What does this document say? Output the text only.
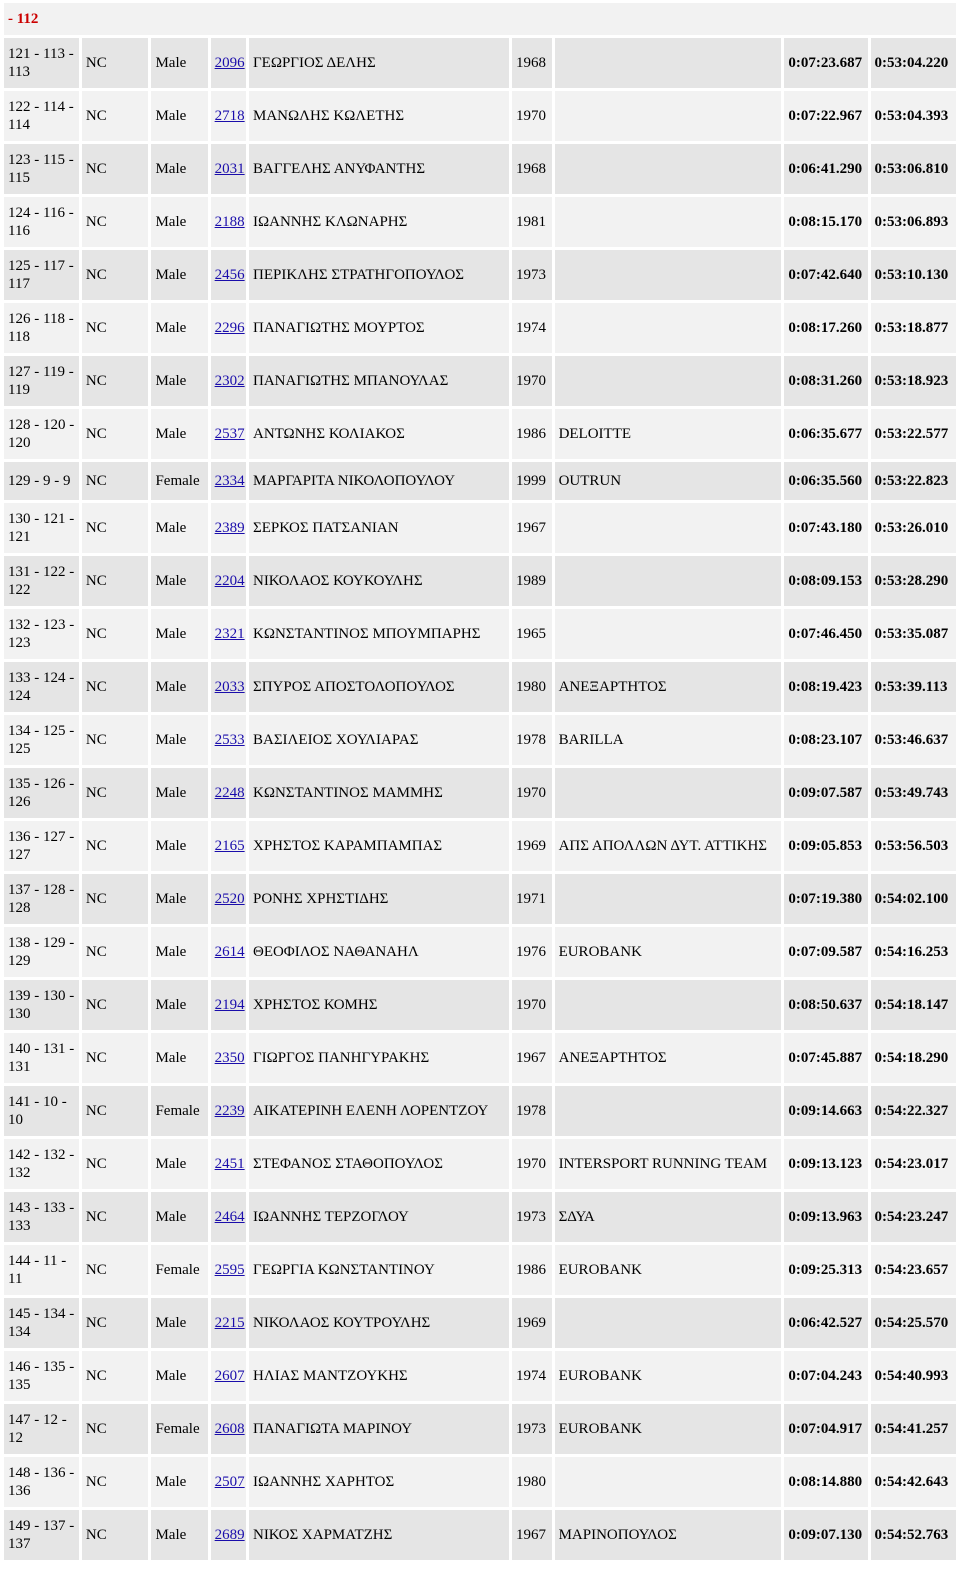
- 112								
121 - 113 - 113	NC	Male	2096	ΓΕΩΡΓΙΟΣ ΔΕΛΗΣ	1968		0:07:23.687	0:53:04.220
122 - 114 - 114	NC	Male	2718	ΜΑΝΩΛΗΣ ΚΩΛΕΤΗΣ	1970		0:07:22.967	0:53:04.393
123 - 115 - 115	NC	Male	2031	ΒΑΓΓΕΛΗΣ ΑΝΥΦΑΝΤΗΣ	1968		0:06:41.290	0:53:06.810
124 - 116 - 116	NC	Male	2188	ΙΩΑΝΝΗΣ ΚΛΩΝΑΡΗΣ	1981		0:08:15.170	0:53:06.893
125 - 117 - 117	NC	Male	2456	ΠΕΡΙΚΛΗΣ ΣΤΡΑΤΗΓΟΠΟΥΛΟΣ	1973		0:07:42.640	0:53:10.130
126 - 118 - 118	NC	Male	2296	ΠΑΝΑΓΙΩΤΗΣ ΜΟΥΡΤΟΣ	1974		0:08:17.260	0:53:18.877
127 - 119 - 119	NC	Male	2302	ΠΑΝΑΓΙΩΤΗΣ ΜΠΑΝΟΥΛΑΣ	1970		0:08:31.260	0:53:18.923
128 - 120 - 120	NC	Male	2537	ΑΝΤΩΝΗΣ ΚΟΛΙΑΚΟΣ	1986	DELOITTE	0:06:35.677	0:53:22.577
129 - 9 - 9	NC	Female	2334	ΜΑΡΓΑΡΙΤΑ ΝΙΚΟΛΟΠΟΥΛΟΥ	1999	OUTRUN	0:06:35.560	0:53:22.823
130 - 121 - 121	NC	Male	2389	ΣΕΡΚΟΣ ΠΑΤΣΑΝΙΑΝ	1967		0:07:43.180	0:53:26.010
131 - 122 - 122	NC	Male	2204	ΝΙΚΟΛΑΟΣ ΚΟΥΚΟΥΛΗΣ	1989		0:08:09.153	0:53:28.290
132 - 123 - 123	NC	Male	2321	ΚΩΝΣΤΑΝΤΙΝΟΣ ΜΠΟΥΜΠΑΡΗΣ	1965		0:07:46.450	0:53:35.087
133 - 124 - 124	NC	Male	2033	ΣΠΥΡΟΣ ΑΠΟΣΤΟΛΟΠΟΥΛΟΣ	1980	ΑΝΕΞΑΡΤΗΤΟΣ	0:08:19.423	0:53:39.113
134 - 125 - 125	NC	Male	2533	ΒΑΣΙΛΕΙΟΣ ΧΟΥΛΙΑΡΑΣ	1978	BARILLA	0:08:23.107	0:53:46.637
135 - 126 - 126	NC	Male	2248	ΚΩΝΣΤΑΝΤΙΝΟΣ ΜΑΜΜΗΣ	1970		0:09:07.587	0:53:49.743
136 - 127 - 127	NC	Male	2165	ΧΡΗΣΤΟΣ ΚΑΡΑΜΠΑΜΠΑΣ	1969	ΑΠΣ ΑΠΟΛΛΩΝ ΔΥΤ. ΑΤΤΙΚΗΣ	0:09:05.853	0:53:56.503
137 - 128 - 128	NC	Male	2520	ΡΟΝΗΣ ΧΡΗΣΤΙΔΗΣ	1971		0:07:19.380	0:54:02.100
138 - 129 - 129	NC	Male	2614	ΘΕΟΦΙΛΟΣ ΝΑΘΑΝΑΗΛ	1976	EUROBANK	0:07:09.587	0:54:16.253
139 - 130 - 130	NC	Male	2194	ΧΡΗΣΤΟΣ ΚΟΜΗΣ	1970		0:08:50.637	0:54:18.147
140 - 131 - 131	NC	Male	2350	ΓΙΩΡΓΟΣ ΠΑΝΗΓΥΡΑΚΗΣ	1967	ΑΝΕΞΑΡΤΗΤΟΣ	0:07:45.887	0:54:18.290
141 - 10 - 10	NC	Female	2239	ΑΙΚΑΤΕΡΙΝΗ ΕΛΕΝΗ ΛΟΡΕΝΤΖΟΥ	1978		0:09:14.663	0:54:22.327
142 - 132 - 132	NC	Male	2451	ΣΤΕΦΑΝΟΣ ΣΤΑΘΟΠΟΥΛΟΣ	1970	INTERSPORT RUNNING TEAM	0:09:13.123	0:54:23.017
143 - 133 - 133	NC	Male	2464	ΙΩΑΝΝΗΣ ΤΕΡΖΟΓΛΟΥ	1973	ΣΔΥΑ	0:09:13.963	0:54:23.247
144 - 11 - 11	NC	Female	2595	ΓΕΩΡΓΙΑ ΚΩΝΣΤΑΝΤΙΝΟΥ	1986	EUROBANK	0:09:25.313	0:54:23.657
145 - 134 - 134	NC	Male	2215	ΝΙΚΟΛΑΟΣ ΚΟΥΤΡΟΥΛΗΣ	1969		0:06:42.527	0:54:25.570
146 - 135 - 135	NC	Male	2607	ΗΛΙΑΣ ΜΑΝΤΖΟΥΚΗΣ	1974	EUROBANK	0:07:04.243	0:54:40.993
147 - 12 - 12	NC	Female	2608	ΠΑΝΑΓΙΩΤΑ ΜΑΡΙΝΟΥ	1973	EUROBANK	0:07:04.917	0:54:41.257
148 - 136 - 136	NC	Male	2507	ΙΩΑΝΝΗΣ ΧΑΡΗΤΟΣ	1980		0:08:14.880	0:54:42.643
149 - 137 - 137	NC	Male	2689	ΝΙΚΟΣ ΧΑΡΜΑΤΖΗΣ	1967	ΜΑΡΙΝΟΠΟΥΛΟΣ	0:09:07.130	0:54:52.763
